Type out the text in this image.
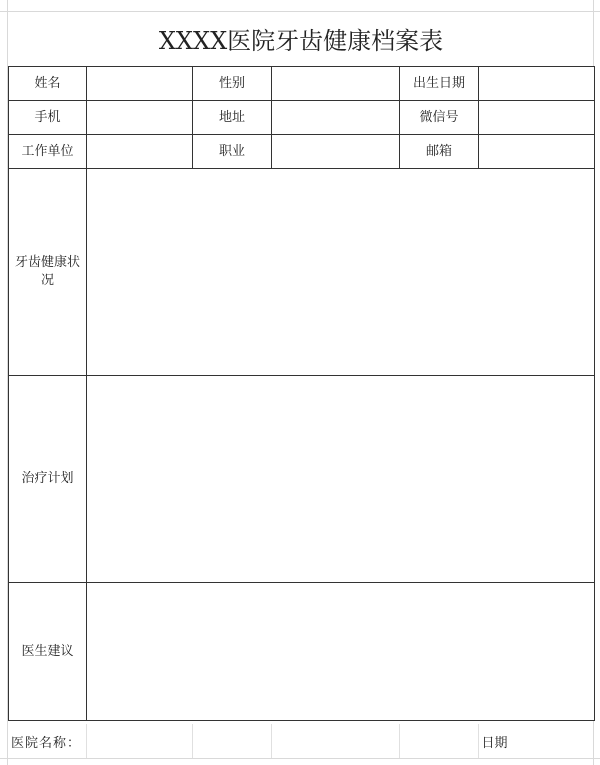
XXXX医院牙齿健康档案表
姓名		性别		出生日期	
手机		地址		微信号	
工作单位		职业		邮箱	
牙齿健康状况					
治疗计划					
医生建议					
医院名称：					日期
